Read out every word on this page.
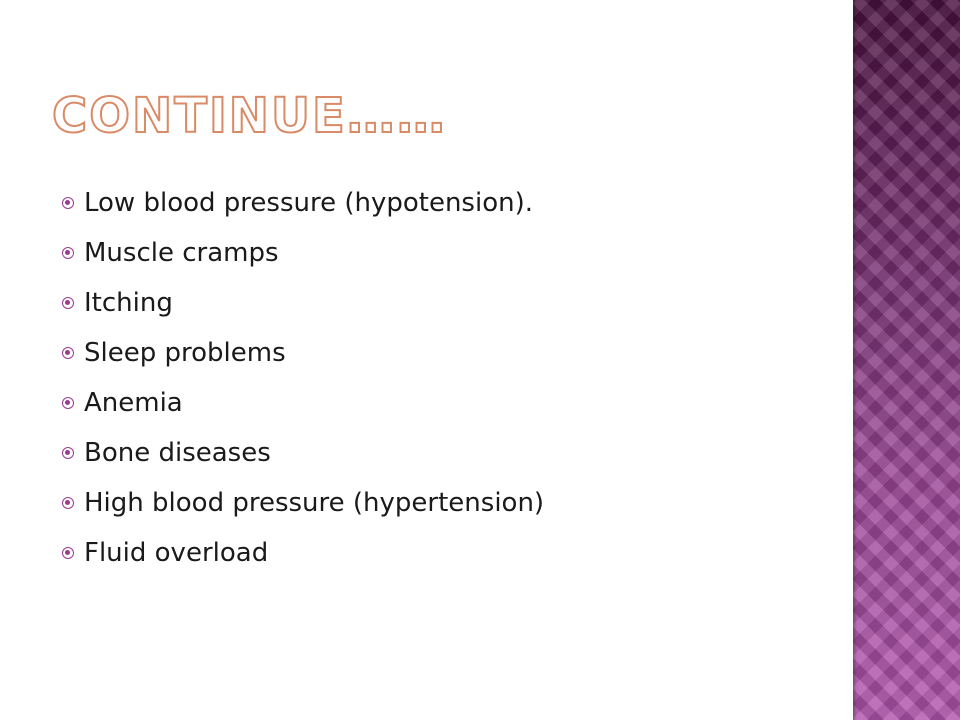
CONTINUE……
Low blood pressure (hypotension).
Muscle cramps
Itching
Sleep problems
Anemia
Bone diseases
High blood pressure (hypertension)
Fluid overload
